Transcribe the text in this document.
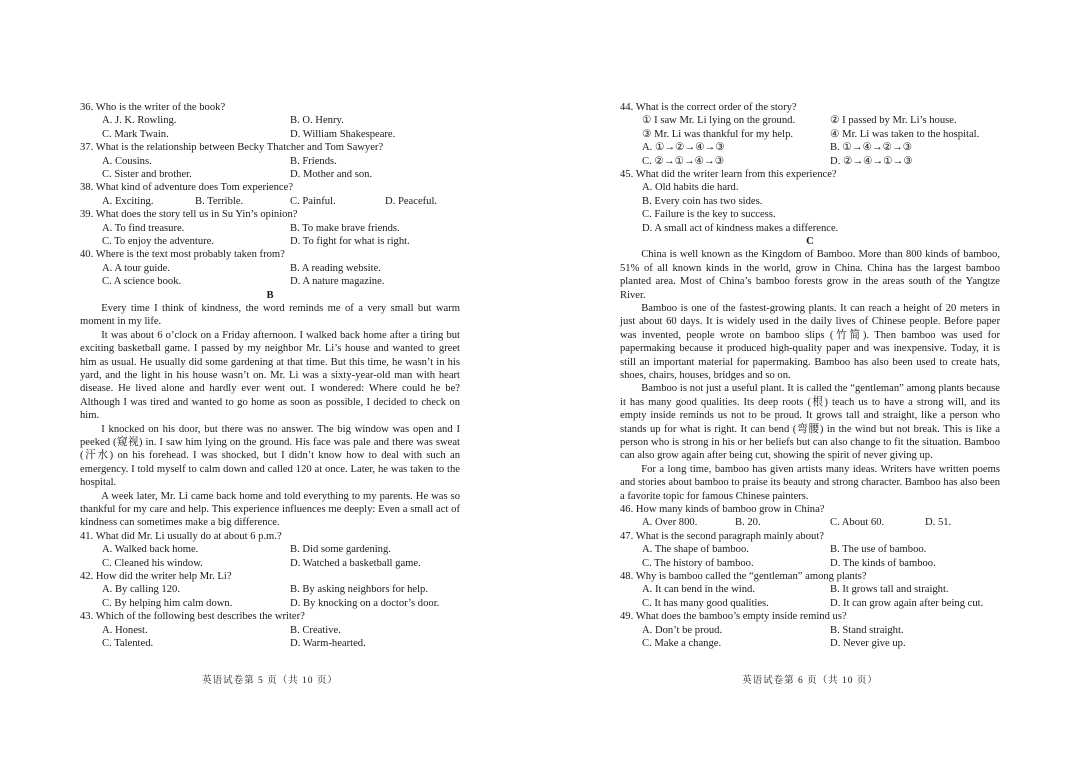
36. Who is the writer of the book?

A. J. K. Rowling.	B. O. Henry.
C. Mark Twain.	D. William Shakespeare.

37. What is the relationship between Becky Thatcher and Tom Sawyer?

A. Cousins.	B. Friends.
C. Sister and brother.	D. Mother and son.

38. What kind of adventure does Tom experience?

A. Exciting.	B. Terrible.	C. Painful.	D. Peaceful.

39. What does the story tell us in Su Yin’s opinion?

A. To find treasure.	B. To make brave friends.
C. To enjoy the adventure.	D. To fight for what is right.

40. Where is the text most probably taken from?

A. A tour guide.	B. A reading website.
C. A science book.	D. A nature magazine.

B

Every time I think of kindness, the word reminds me of a very small but warm moment in my life.

It was about 6 o’clock on a Friday afternoon. I walked back home after a tiring but exciting basketball game. I passed by my neighbor Mr. Li’s house and wanted to greet him as usual. He usually did some gardening at that time. But this time, he wasn’t in his yard, and the light in his house wasn’t on. Mr. Li was a sixty-year-old man with heart disease. He lived alone and hardly ever went out. I wondered: Where could he be? Although I was tired and wanted to go home as soon as possible, I decided to check on him.

I knocked on his door, but there was no answer. The big window was open and I peeked (窥视) in. I saw him lying on the ground. His face was pale and there was sweat (汗水) on his forehead. I was shocked, but I didn’t know how to deal with such an emergency. I told myself to calm down and called 120 at once. Later, he was taken to the hospital.

A week later, Mr. Li came back home and told everything to my parents. He was so thankful for my care and help. This experience influences me deeply: Even a small act of kindness can sometimes make a big difference.

41. What did Mr. Li usually do at about 6 p.m.?

A. Walked back home.	B. Did some gardening.
C. Cleaned his window.	D. Watched a basketball game.

42. How did the writer help Mr. Li?

A. By calling 120.	B. By asking neighbors for help.
C. By helping him calm down.	D. By knocking on a doctor’s door.

43. Which of the following best describes the writer?

A. Honest.	B. Creative.
C. Talented.	D. Warm-hearted.
英语试卷第 5 页（共 10 页）

44. What is the correct order of the story?

① I saw Mr. Li lying on the ground.	② I passed by Mr. Li’s house.
③ Mr. Li was thankful for my help.	④ Mr. Li was taken to the hospital.
A. ①→②→④→③	B. ①→④→②→③
C. ②→①→④→③	D. ②→④→①→③

45. What did the writer learn from this experience?

A. Old habits die hard.
B. Every coin has two sides.
C. Failure is the key to success.
D. A small act of kindness makes a difference.

C

China is well known as the Kingdom of Bamboo. More than 800 kinds of bamboo, 51% of all known kinds in the world, grow in China. China has the largest bamboo planted area. Most of China’s bamboo forests grow in the areas south of the Yangtze River.

Bamboo is one of the fastest-growing plants. It can reach a height of 20 meters in just about 60 days. It is widely used in the daily lives of Chinese people. Before paper was invented, people wrote on bamboo slips (竹简). Then bamboo was used for papermaking because it produced high-quality paper and was inexpensive. Today, it is still an important material for papermaking. Bamboo has also been used to create hats, shoes, chairs, houses, bridges and so on.

Bamboo is not just a useful plant. It is called the “gentleman” among plants because it has many good qualities. Its deep roots (根) teach us to have a strong will, and its empty inside reminds us not to be proud. It grows tall and straight, like a person who stands up for what is right. It can bend (弯腰) in the wind but not break. This is like a person who is strong in his or her beliefs but can also change to fit the situation. Bamboo can also grow again after being cut, showing the spirit of never giving up.

For a long time, bamboo has given artists many ideas. Writers have written poems and stories about bamboo to praise its beauty and strong character. Bamboo has also been a favorite topic for famous Chinese painters.

46. How many kinds of bamboo grow in China?

A. Over 800.	B. 20.	C. About 60.	D. 51.

47. What is the second paragraph mainly about?

A. The shape of bamboo.	B. The use of bamboo.
C. The history of bamboo.	D. The kinds of bamboo.

48. Why is bamboo called the “gentleman” among plants?

A. It can bend in the wind.	B. It grows tall and straight.
C. It has many good qualities.	D. It can grow again after being cut.

49. What does the bamboo’s empty inside remind us?

A. Don’t be proud.	B. Stand straight.
C. Make a change.	D. Never give up.
英语试卷第 6 页（共 10 页）
